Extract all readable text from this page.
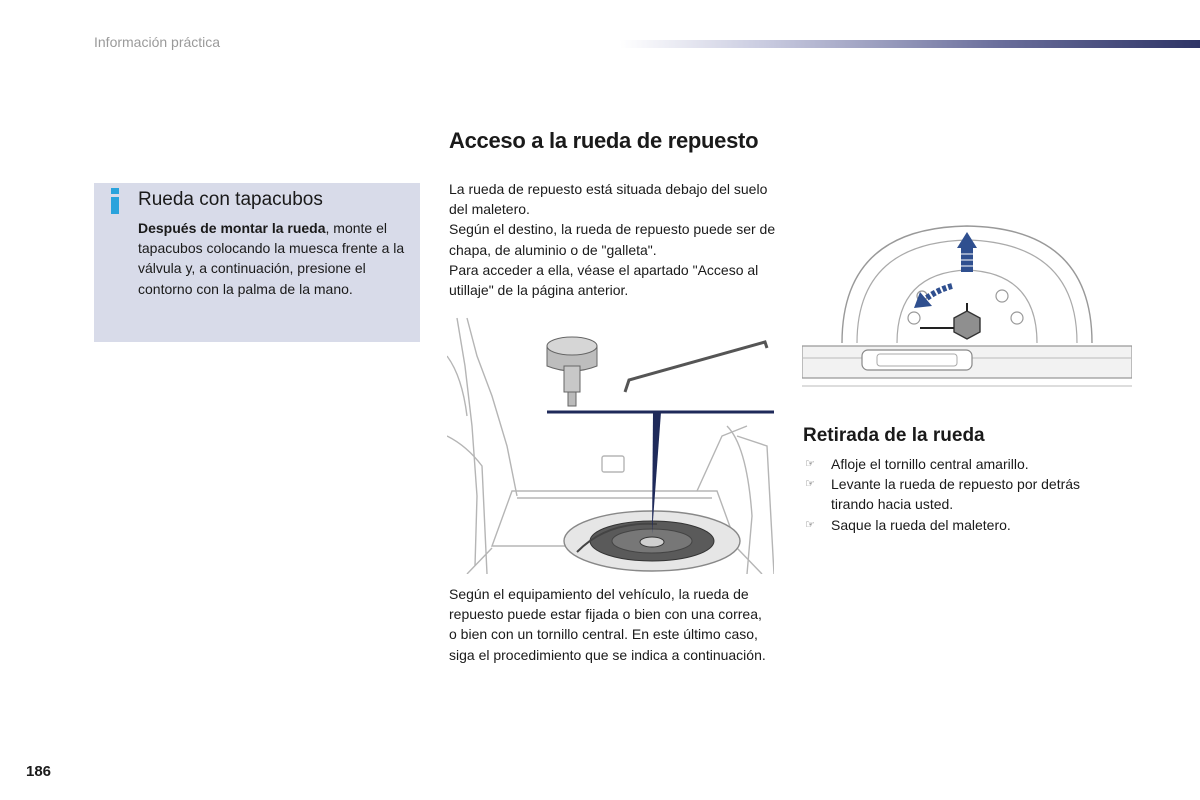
Información práctica
Rueda con tapacubos
Después de montar la rueda, monte el tapacubos colocando la muesca frente a la válvula y, a continuación, presione el contorno con la palma de la mano.
Acceso a la rueda de repuesto
La rueda de repuesto está situada debajo del suelo del maletero.
Según el destino, la rueda de repuesto puede ser de chapa, de aluminio o de "galleta".
Para acceder a ella, véase el apartado "Acceso al utillaje" de la página anterior.
Según el equipamiento del vehículo, la rueda de repuesto puede estar fijada o bien con una correa, o bien con un tornillo central. En este último caso, siga el procedimiento que se indica a continuación.
Retirada de la rueda
☞ Afloje el tornillo central amarillo.
☞ Levante la rueda de repuesto por detrás tirando hacia usted.
☞ Saque la rueda del maletero.
186
